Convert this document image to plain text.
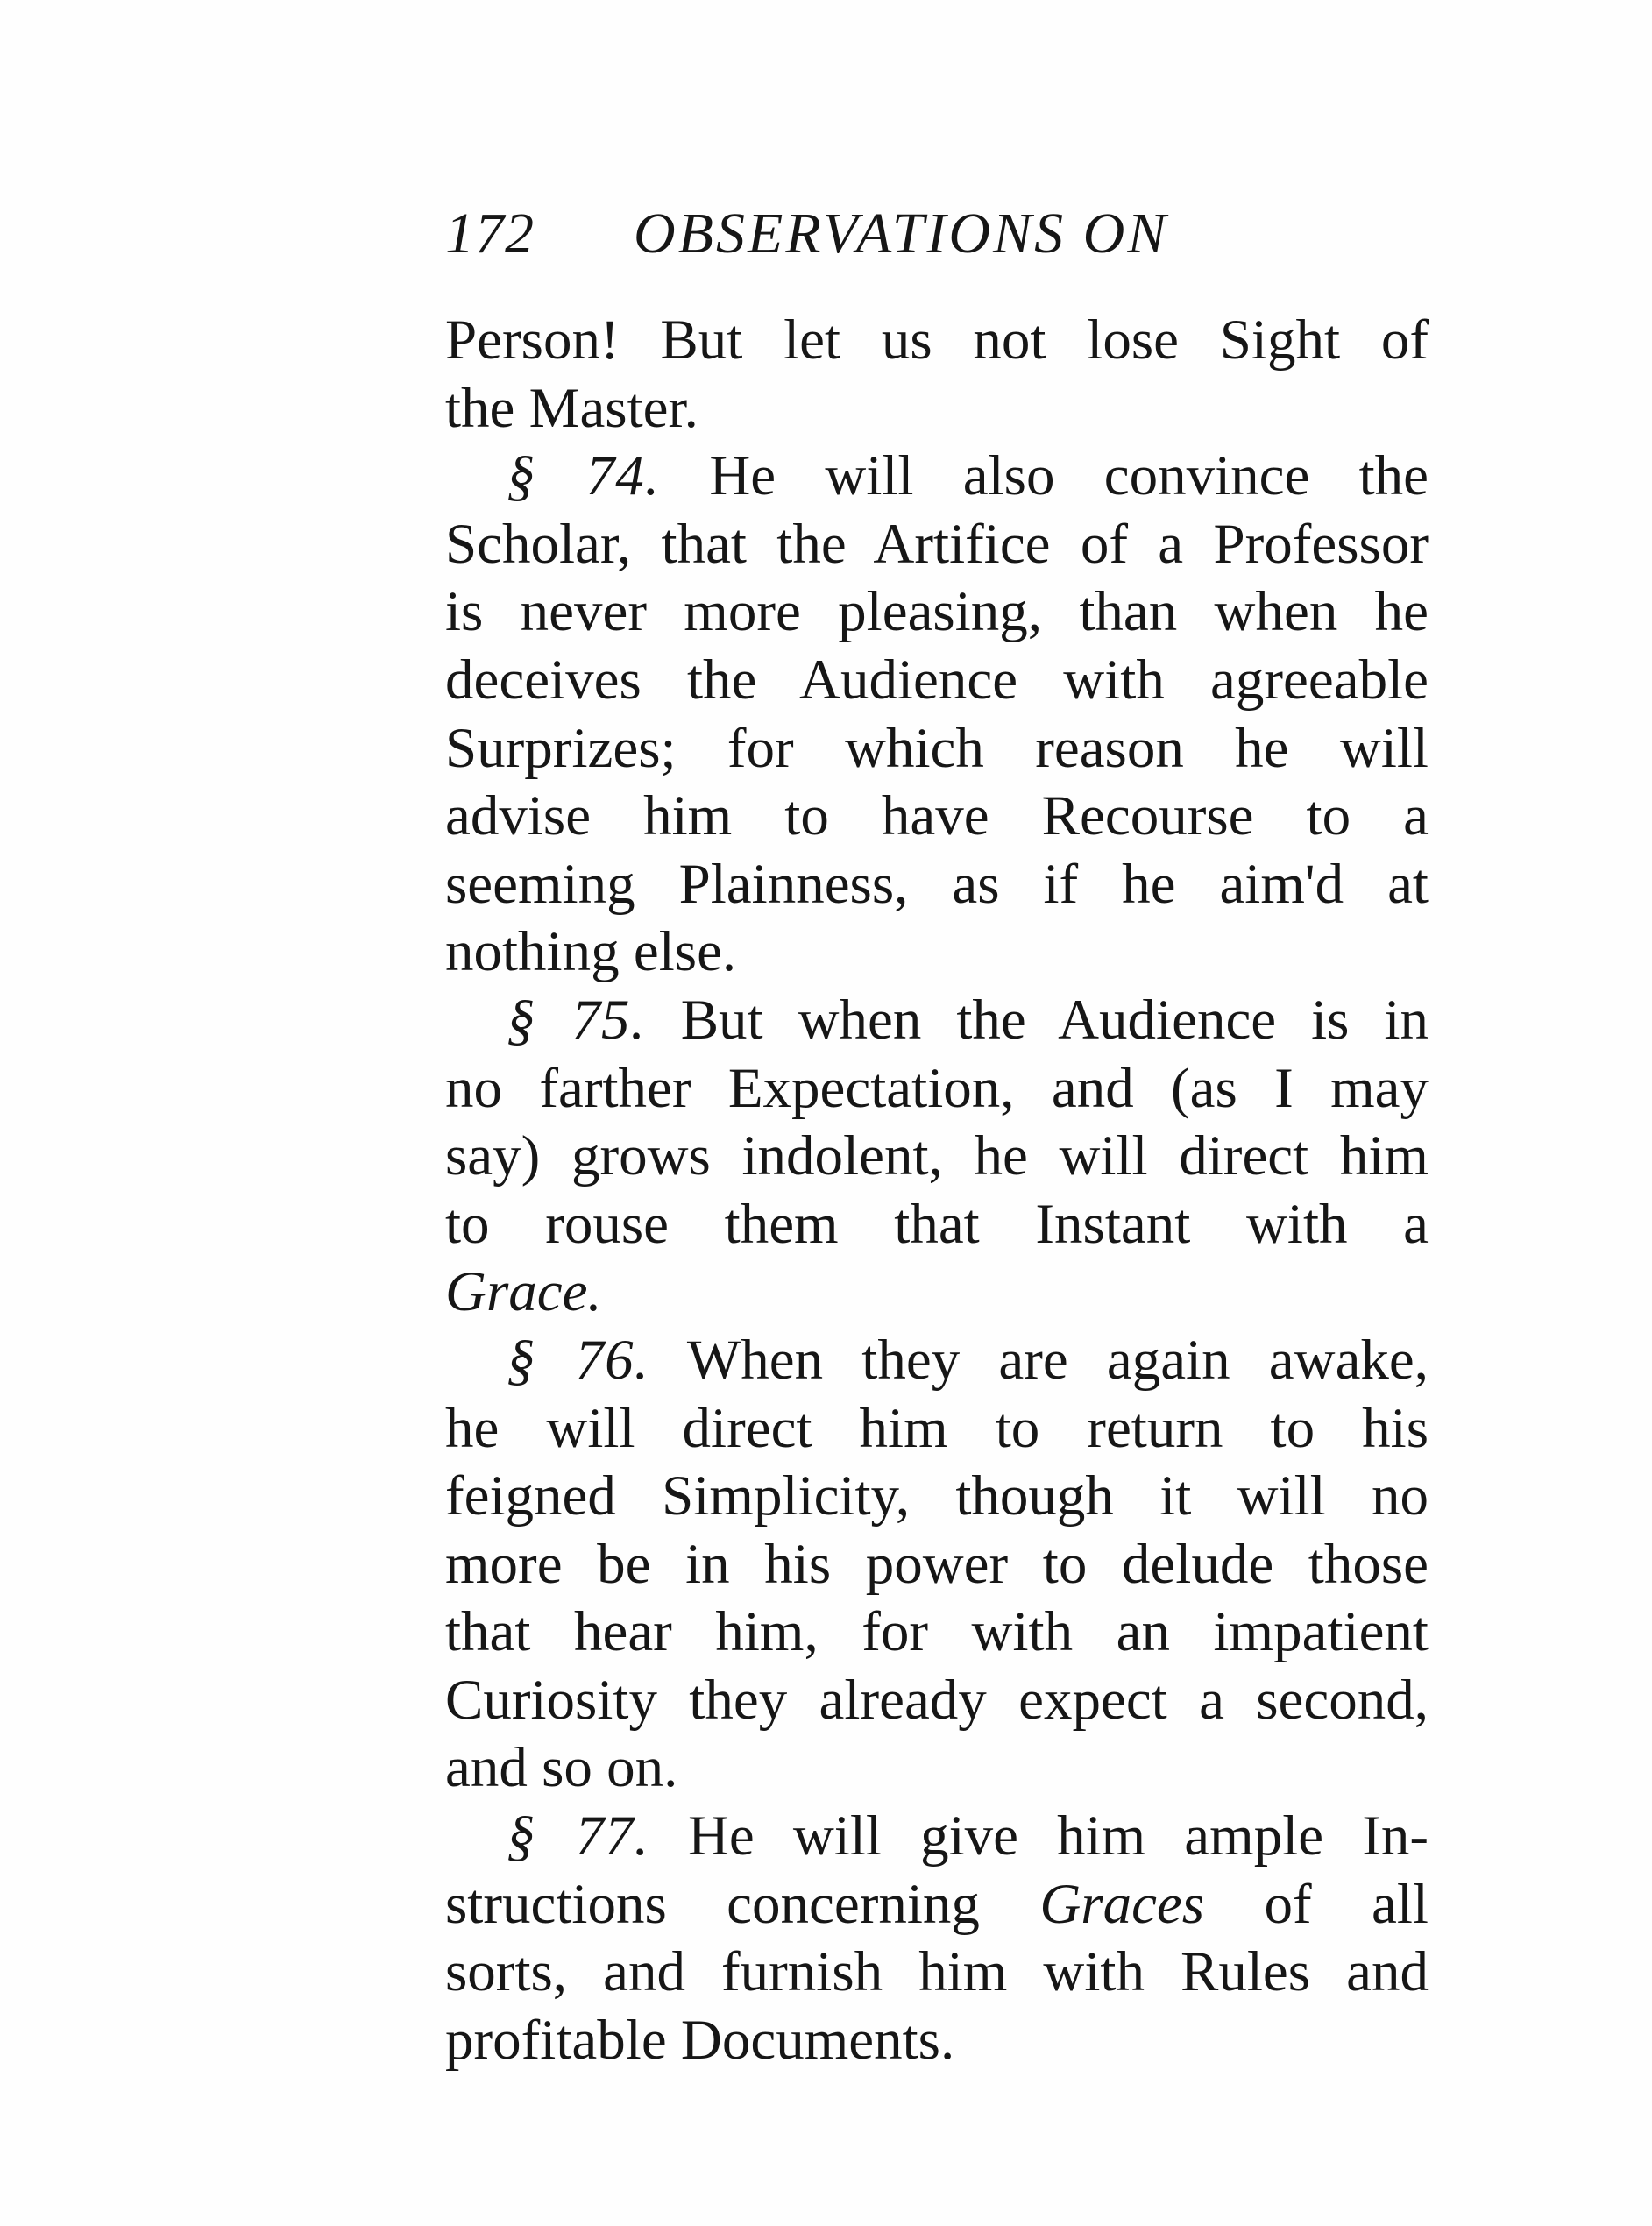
172 OBSERVATIONS ON
Person! But let us not lose Sight of
the Master.
§ 74. He will also convince the
Scholar, that the Artifice of a Professor
is never more pleasing, than when he
deceives the Audience with agreeable
Surprizes; for which reason he will
advise him to have Recourse to a
seeming Plainness, as if he aim'd at
nothing else.
§ 75. But when the Audience is in
no farther Expectation, and (as I may
say) grows indolent, he will direct him
to rouse them that Instant with a
Grace.
§ 76. When they are again awake,
he will direct him to return to his
feigned Simplicity, though it will no
more be in his power to delude those
that hear him, for with an impatient
Curiosity they already expect a second,
and so on.
§ 77. He will give him ample In-
structions concerning Graces of all
sorts, and furnish him with Rules and
profitable Documents.
